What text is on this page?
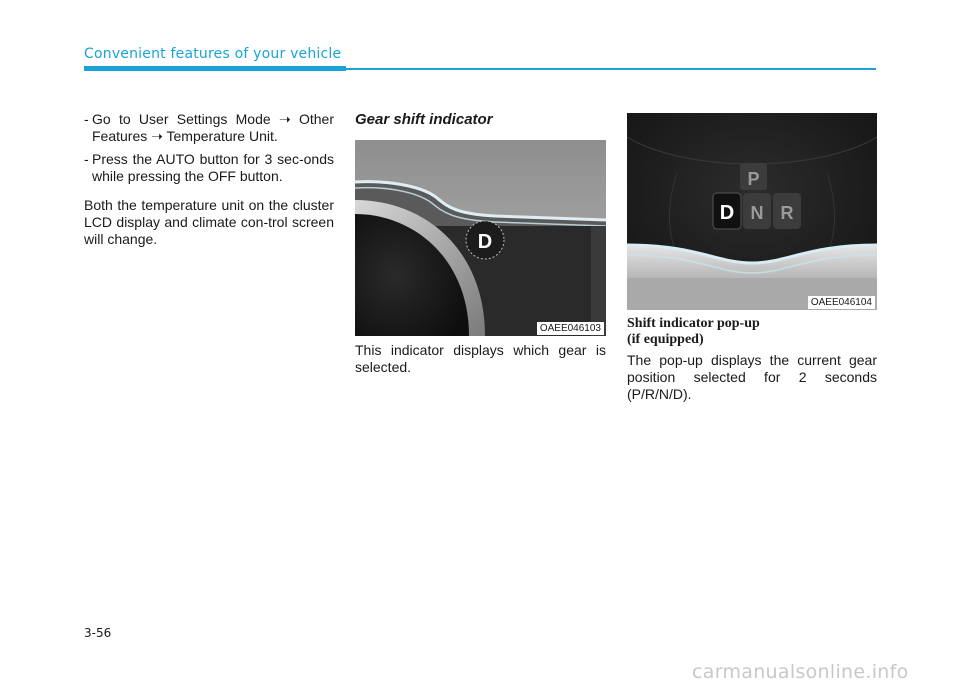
Convenient features of your vehicle
- Go to User Settings Mode ➝ Other Features ➝ Temperature Unit.
- Press the AUTO button for 3 sec-onds while pressing the OFF button.

Both the temperature unit on the cluster LCD display and climate con-trol screen will change.

Gear shift indicator
D
OAEE046103
This indicator displays which gear is selected.
P
D N R
OAEE046104
Shift indicator pop-up
(if equipped)
The pop-up displays the current gear position selected for 2 seconds (P/R/N/D).
3-56
carmanualsonline.info
